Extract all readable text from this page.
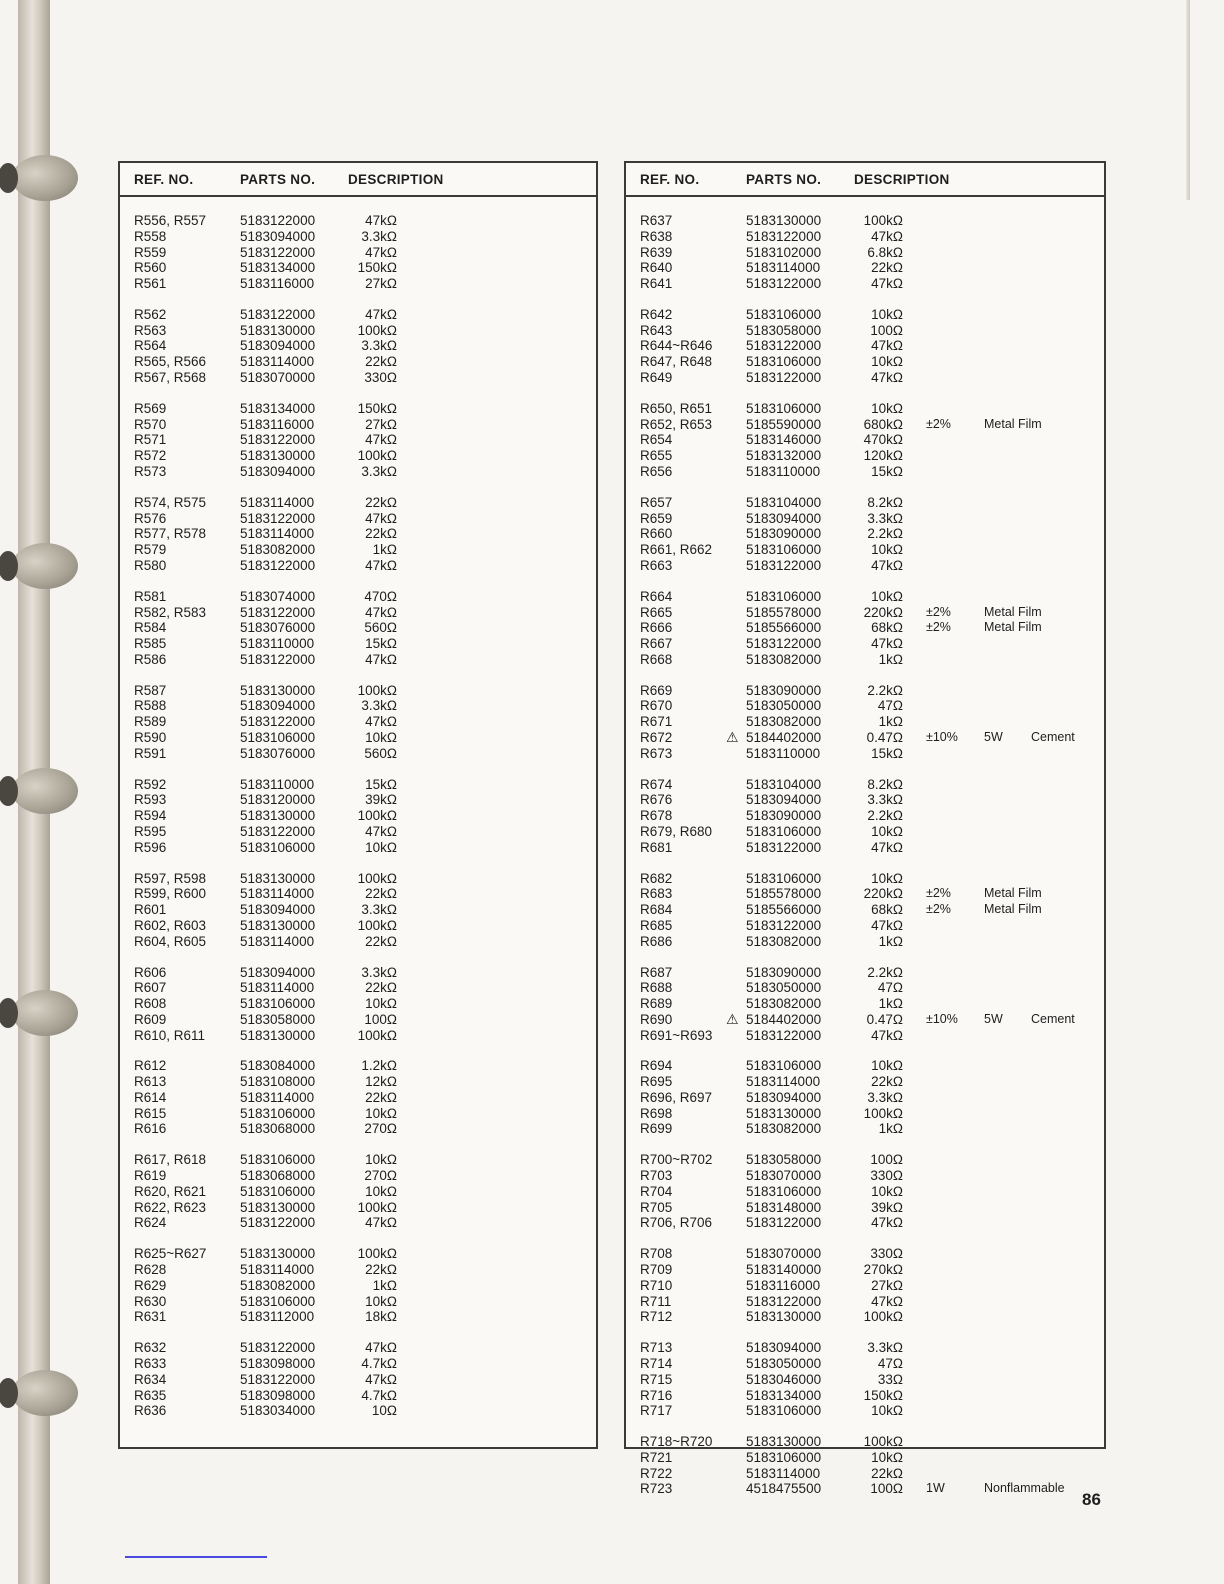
REF. NO.	PARTS NO. DESCRIPTION
R556, R557	5183122000	47kΩ
R558	5183094000	3.3kΩ
R559	5183122000	47kΩ
R560	5183134000	150kΩ
R561	5183116000	27kΩ
R562	5183122000	47kΩ
R563	5183130000	100kΩ
R564	5183094000	3.3kΩ
R565, R566	5183114000	22kΩ
R567, R568	5183070000	330Ω
R569	5183134000	150kΩ
R570	5183116000	27kΩ
R571	5183122000	47kΩ
R572	5183130000	100kΩ
R573	5183094000	3.3kΩ
R574, R575	5183114000	22kΩ
R576	5183122000	47kΩ
R577, R578	5183114000	22kΩ
R579	5183082000	1kΩ
R580	5183122000	47kΩ
R581	5183074000	470Ω
R582, R583	5183122000	47kΩ
R584	5183076000	560Ω
R585	5183110000	15kΩ
R586	5183122000	47kΩ
R587	5183130000	100kΩ
R588	5183094000	3.3kΩ
R589	5183122000	47kΩ
R590	5183106000	10kΩ
R591	5183076000	560Ω
R592	5183110000	15kΩ
R593	5183120000	39kΩ
R594	5183130000	100kΩ
R595	5183122000	47kΩ
R596	5183106000	10kΩ
R597, R598	5183130000	100kΩ
R599, R600	5183114000	22kΩ
R601	5183094000	3.3kΩ
R602, R603	5183130000	100kΩ
R604, R605	5183114000	22kΩ
R606	5183094000	3.3kΩ
R607	5183114000	22kΩ
R608	5183106000	10kΩ
R609	5183058000	100Ω
R610, R611	5183130000	100kΩ
R612	5183084000	1.2kΩ
R613	5183108000	12kΩ
R614	5183114000	22kΩ
R615	5183106000	10kΩ
R616	5183068000	270Ω
R617, R618	5183106000	10kΩ
R619	5183068000	270Ω
R620, R621	5183106000	10kΩ
R622, R623	5183130000	100kΩ
R624	5183122000	47kΩ
R625~R627 5183130000	100kΩ
R628	5183114000	22kΩ
R629	5183082000	1kΩ
R630	5183106000	10kΩ
R631	5183112000	18kΩ
R632	5183122000	47kΩ
R633	5183098000	4.7kΩ
R634	5183122000	47kΩ
R635	5183098000	4.7kΩ
R636	5183034000	10Ω
REF. NO.	PARTS NO. DESCRIPTION
R637	5183130000	100kΩ
R638	5183122000	47kΩ
R639	5183102000	6.8kΩ
R640	5183114000	22kΩ
R641	5183122000	47kΩ
R642	5183106000	10kΩ
R643	5183058000	100Ω
R644~R646 5183122000	47kΩ
R647, R648	5183106000	10kΩ
R649	5183122000	47kΩ
R650, R651	5183106000	10kΩ
R652, R653	5185590000	680kΩ ±2%	Metal Film
R654	5183146000	470kΩ
R655	5183132000	120kΩ
R656	5183110000	15kΩ
R657	5183104000	8.2kΩ
R659	5183094000	3.3kΩ
R660	5183090000	2.2kΩ
R661, R662	5183106000	10kΩ
R663	5183122000	47kΩ
R664	5183106000	10kΩ
R665	5185578000	220kΩ ±2%	Metal Film
R666	5185566000	68kΩ ±2%	Metal Film
R667	5183122000	47kΩ
R668	5183082000	1kΩ
R669	5183090000	2.2kΩ
R670	5183050000	47Ω
R671	5183082000	1kΩ
R672	5184402000	0.47Ω ±10% 5W Cement
⚠
R673	5183110000	15kΩ
R674	5183104000	8.2kΩ
R676	5183094000	3.3kΩ
R678	5183090000	2.2kΩ
R679, R680	5183106000	10kΩ
R681	5183122000	47kΩ
R682	5183106000	10kΩ
R683	5185578000	220kΩ ±2%	Metal Film
R684	5185566000	68kΩ ±2%	Metal Film
R685	5183122000	47kΩ
R686	5183082000	1kΩ
R687	5183090000	2.2kΩ
R688	5183050000	47Ω
R689	5183082000	1kΩ
R690	5184402000	0.47Ω ±10% 5W Cement
⚠
R691~R693 5183122000	47kΩ
R694	5183106000	10kΩ
R695	5183114000	22kΩ
R696, R697	5183094000	3.3kΩ
R698	5183130000	100kΩ
R699	5183082000	1kΩ
R700~R702 5183058000	100Ω
R703	5183070000	330Ω
R704	5183106000	10kΩ
R705	5183148000	39kΩ
R706, R706	5183122000	47kΩ
R708	5183070000	330Ω
R709	5183140000	270kΩ
R710	5183116000	27kΩ
R711	5183122000	47kΩ
R712	5183130000	100kΩ
R713	5183094000	3.3kΩ
R714	5183050000	47Ω
R715	5183046000	33Ω
R716	5183134000	150kΩ
R717	5183106000	10kΩ
R718~R720 5183130000	100kΩ
R721	5183106000	10kΩ
R722	5183114000	22kΩ
R723	4518475500	100Ω 1W	Nonflammable
86
